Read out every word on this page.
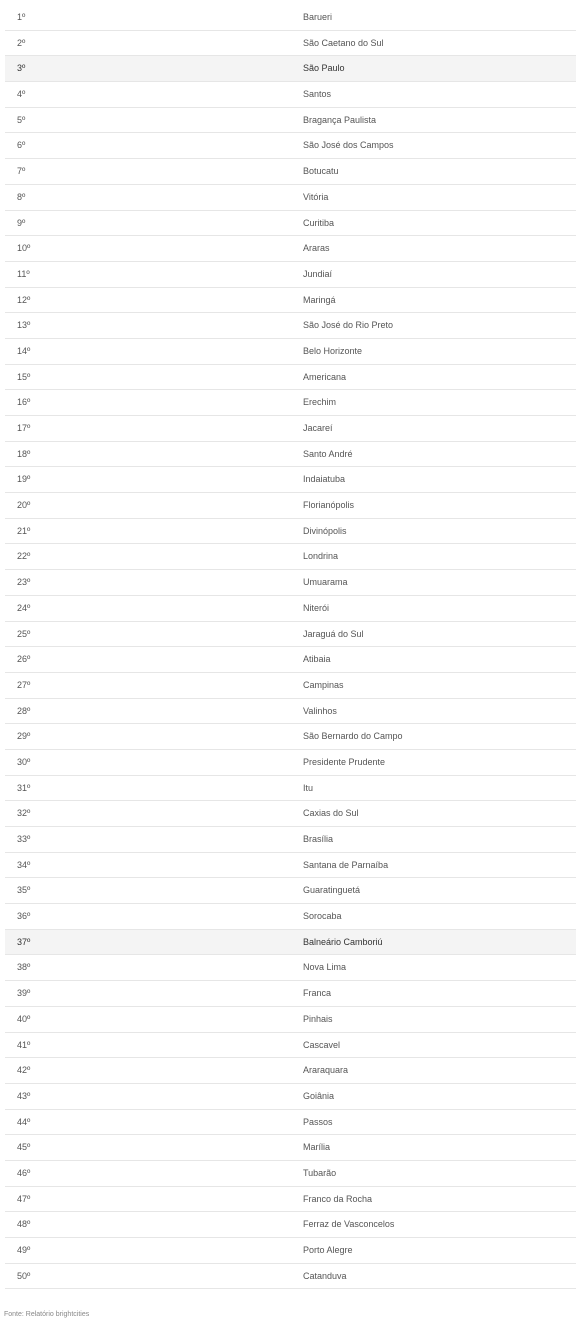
1º	Barueri
2º	São Caetano do Sul
3º	São Paulo
4º	Santos
5º	Bragança Paulista
6º	São José dos Campos
7º	Botucatu
8º	Vitória
9º	Curitiba
10º	Araras
11º	Jundiaí
12º	Maringá
13º	São José do Rio Preto
14º	Belo Horizonte
15º	Americana
16º	Erechim
17º	Jacareí
18º	Santo André
19º	Indaiatuba
20º	Florianópolis
21º	Divinópolis
22º	Londrina
23º	Umuarama
24º	Niterói
25º	Jaraguá do Sul
26º	Atibaia
27º	Campinas
28º	Valinhos
29º	São Bernardo do Campo
30º	Presidente Prudente
31º	Itu
32º	Caxias do Sul
33º	Brasília
34º	Santana de Parnaíba
35º	Guaratinguetá
36º	Sorocaba
37º	Balneário Camboriú
38º	Nova Lima
39º	Franca
40º	Pinhais
41º	Cascavel
42º	Araraquara
43º	Goiânia
44º	Passos
45º	Marília
46º	Tubarão
47º	Franco da Rocha
48º	Ferraz de Vasconcelos
49º	Porto Alegre
50º	Catanduva
Fonte: Relatório brightcities
